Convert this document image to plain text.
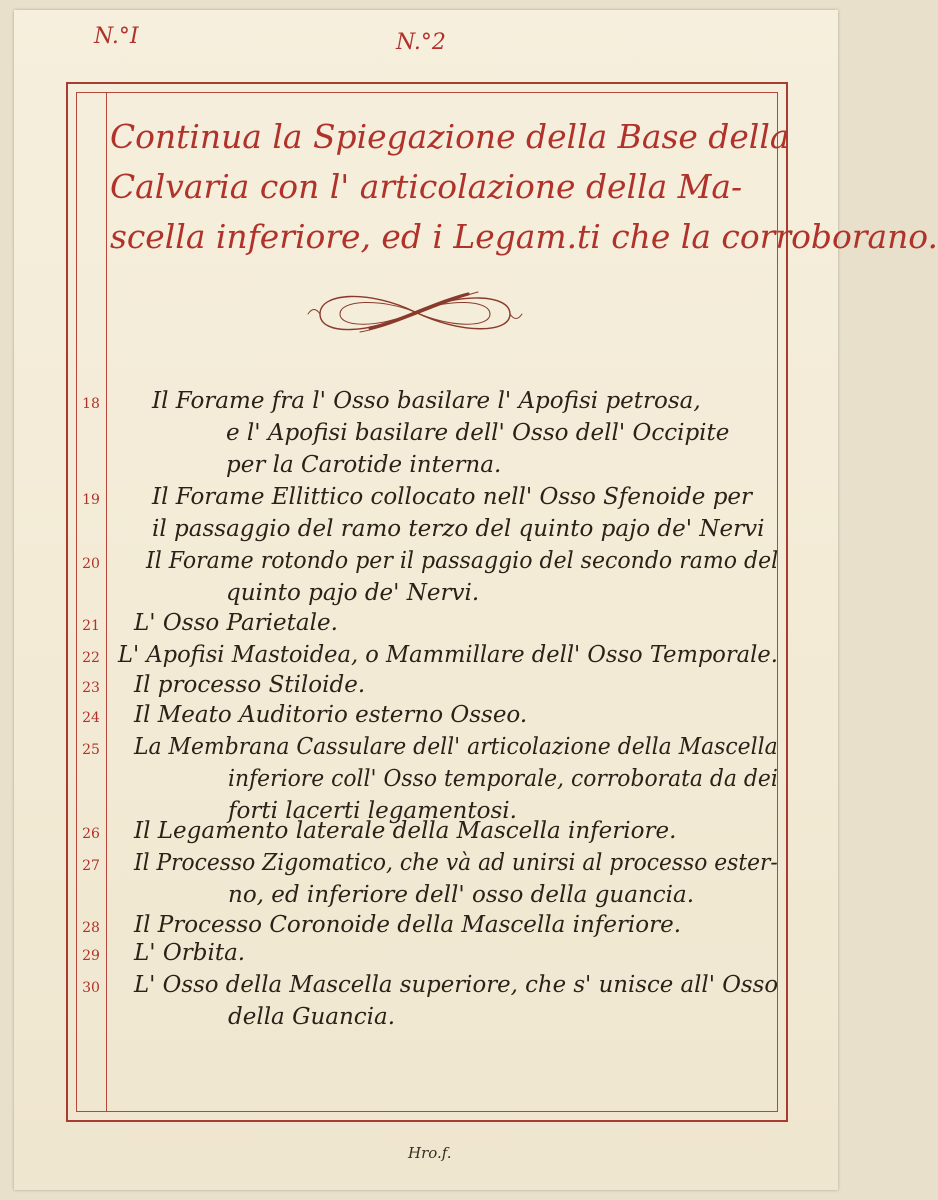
N.°I	N.°2
Continua la Spiegazione della Base della
Calvaria con l' articolazione della Ma-
scella inferiore, ed i Legam.ti che la corroborano.
18 Il Forame fra l' Osso basilare l' Apofisi petrosa,
e l' Apofisi basilare dell' Osso dell' Occipite
per la Carotide interna.
19 Il Forame Ellittico collocato nell' Osso Sfenoide per
il passaggio del ramo terzo del quinto pajo de' Nervi
20 Il Forame rotondo per il passaggio del secondo ramo del
quinto pajo de' Nervi.
21 L' Osso Parietale.
22 L' Apofisi Mastoidea, o Mammillare dell' Osso Temporale.
23 Il processo Stiloide.
24 Il Meato Auditorio esterno Osseo.
25 La Membrana Cassulare dell' articolazione della Mascella
inferiore coll' Osso temporale, corroborata da dei
forti lacerti legamentosi.
26 Il Legamento laterale della Mascella inferiore.
27 Il Processo Zigomatico, che và ad unirsi al processo ester-
no, ed inferiore dell' osso della guancia.
28 Il Processo Coronoide della Mascella inferiore.
29 L' Orbita.
30 L' Osso della Mascella superiore, che s' unisce all' Osso
della Guancia.
Hro.f.
